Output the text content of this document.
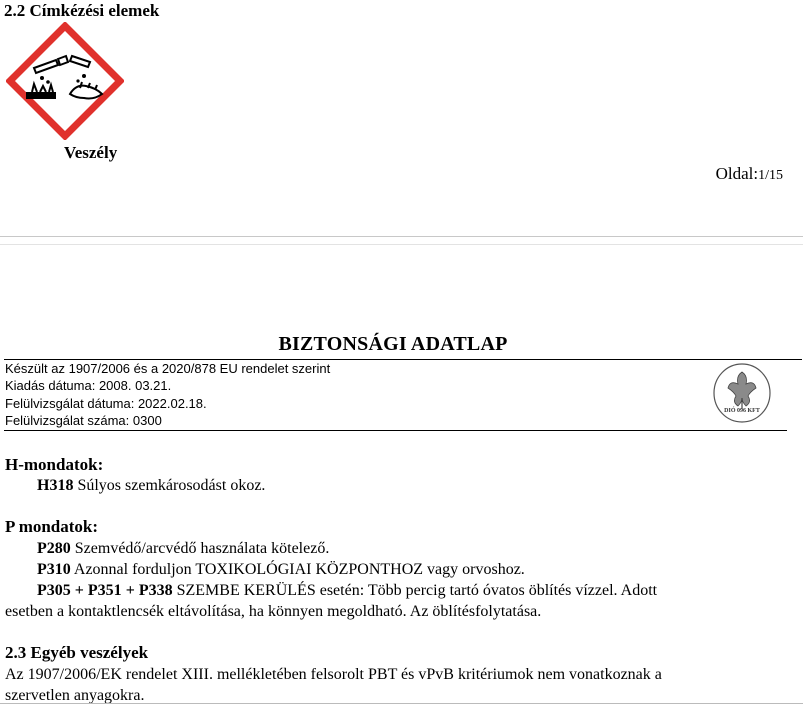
2.2 Címkézési elemek
Veszély
Oldal:1/15
BIZTONSÁGI ADATLAP
Készült az 1907/2006 és a 2020/878 EU rendelet szerint
Kiadás dátuma: 2008. 03.21.
Felülvizsgálat dátuma: 2022.02.18.
Felülvizsgálat száma: 0300
DIÓ 096 KFT
H-mondatok:
H318 Súlyos szemkárosodást okoz.
P mondatok:
P280 Szemvédő/arcvédő használata kötelező.
P310 Azonnal forduljon TOXIKOLÓGIAI KÖZPONTHOZ vagy orvoshoz.
P305 + P351 + P338 SZEMBE KERÜLÉS esetén: Több percig tartó óvatos öblítés vízzel. Adott
esetben a kontaktlencsék eltávolítása, ha könnyen megoldható. Az öblítésfolytatása.
2.3 Egyéb veszélyek
Az 1907/2006/EK rendelet XIII. mellékletében felsorolt PBT és vPvB kritériumok nem vonatkoznak a
szervetlen anyagokra.
